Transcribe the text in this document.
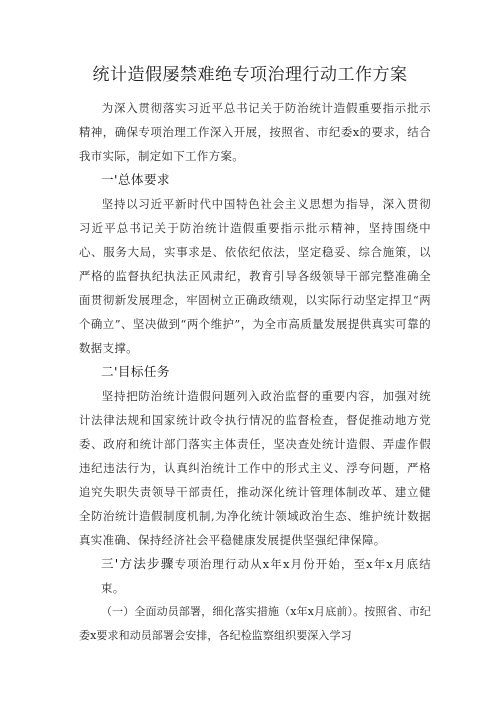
统计造假屡禁难绝专项治理行动工作方案

为深入贯彻落实习近平总书记关于防治统计造假重要指示批示精神，确保专项治理工作深入开展，按照省、市纪委x的要求，结合我市实际，制定如下工作方案。

一'总体要求

坚持以习近平新时代中国特色社会主义思想为指导，深入贯彻习近平总书记关于防治统计造假重要指示批示精神，坚持围绕中心、服务大局，实事求是、依依纪依法，坚定稳妥、综合施策，以严格的监督执纪执法正风肃纪，教育引导各级领导干部完整准确全面贯彻新发展理念，牢固树立正确政绩观，以实际行动坚定捍卫“两个确立”、坚决做到“两个维护”，为全市高质量发展提供真实可靠的数据支撑。

二'目标任务

坚持把防治统计造假问题列入政治监督的重要内容，加强对统计法律法规和国家统计政令执行情况的监督检查，督促推动地方党委、政府和统计部门落实主体责任，坚决查处统计造假、弄虚作假违纪违法行为，认真纠治统计工作中的形式主义、浮夸问题，严格追究失职失责领导干部责任，推动深化统计管理体制改革、建立健全防治统计造假制度机制,为净化统计领域政治生态、维护统计数据真实准确、保持经济社会平稳健康发展提供坚强纪律保障。

三'方法步骤专项治理行动从x年x月份开始，至x年x月底结束。

（一）全面动员部署，细化落实措施（x年x月底前）。按照省、市纪委x要求和动员部署会安排，各纪检监察组织要深入学习
